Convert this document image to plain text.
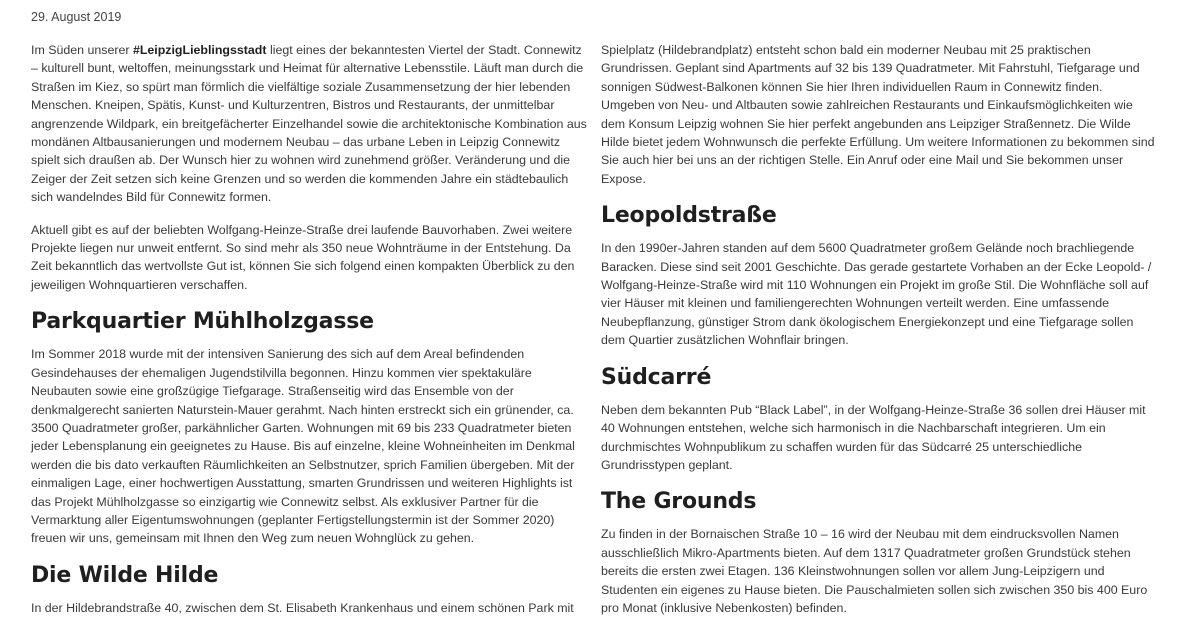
29. August 2019

Im Süden unserer #LeipzigLieblingsstadt liegt eines der bekanntesten Viertel der Stadt. Connewitz – kulturell bunt, weltoffen, meinungsstark und Heimat für alternative Lebensstile. Läuft man durch die Straßen im Kiez, so spürt man förmlich die vielfältige soziale Zusammensetzung der hier lebenden Menschen. Kneipen, Spätis, Kunst- und Kulturzentren, Bistros und Restaurants, der unmittelbar angrenzende Wildpark, ein breitgefächerter Einzelhandel sowie die architektonische Kombination aus mondänen Altbausanierungen und modernem Neubau – das urbane Leben in Leipzig Connewitz spielt sich draußen ab. Der Wunsch hier zu wohnen wird zunehmend größer. Veränderung und die Zeiger der Zeit setzen sich keine Grenzen und so werden die kommenden Jahre ein städtebaulich sich wandelndes Bild für Connewitz formen.

Aktuell gibt es auf der beliebten Wolfgang-Heinze-Straße drei laufende Bauvorhaben. Zwei weitere Projekte liegen nur unweit entfernt. So sind mehr als 350 neue Wohnträume in der Entstehung. Da Zeit bekanntlich das wertvollste Gut ist, können Sie sich folgend einen kompakten Überblick zu den jeweiligen Wohnquartieren verschaffen.

Parkquartier Mühlholzgasse

Im Sommer 2018 wurde mit der intensiven Sanierung des sich auf dem Areal befindenden Gesindehauses der ehemaligen Jugendstilvilla begonnen. Hinzu kommen vier spektakuläre Neubauten sowie eine großzügige Tiefgarage. Straßenseitig wird das Ensemble von der denkmalgerecht sanierten Naturstein-Mauer gerahmt. Nach hinten erstreckt sich ein grünender, ca. 3500 Quadratmeter großer, parkähnlicher Garten. Wohnungen mit 69 bis 233 Quadratmeter bieten jeder Lebensplanung ein geeignetes zu Hause. Bis auf einzelne, kleine Wohneinheiten im Denkmal werden die bis dato verkauften Räumlichkeiten an Selbstnutzer, sprich Familien übergeben. Mit der einmaligen Lage, einer hochwertigen Ausstattung, smarten Grundrissen und weiteren Highlights ist das Projekt Mühlholzgasse so einzigartig wie Connewitz selbst. Als exklusiver Partner für die Vermarktung aller Eigentumswohnungen (geplanter Fertigstellungstermin ist der Sommer 2020) freuen wir uns, gemeinsam mit Ihnen den Weg zum neuen Wohnglück zu gehen.

Die Wilde Hilde

In der Hildebrandstraße 40, zwischen dem St. Elisabeth Krankenhaus und einem schönen Park mit

Spielplatz (Hildebrandplatz) entsteht schon bald ein moderner Neubau mit 25 praktischen Grundrissen. Geplant sind Apartments auf 32 bis 139 Quadratmeter. Mit Fahrstuhl, Tiefgarage und sonnigen Südwest-Balkonen können Sie hier Ihren individuellen Raum in Connewitz finden. Umgeben von Neu- und Altbauten sowie zahlreichen Restaurants und Einkaufsmöglichkeiten wie dem Konsum Leipzig wohnen Sie hier perfekt angebunden ans Leipziger Straßennetz. Die Wilde Hilde bietet jedem Wohnwunsch die perfekte Erfüllung. Um weitere Informationen zu bekommen sind Sie auch hier bei uns an der richtigen Stelle. Ein Anruf oder eine Mail und Sie bekommen unser Expose.

Leopoldstraße

In den 1990er-Jahren standen auf dem 5600 Quadratmeter großem Gelände noch brachliegende Baracken. Diese sind seit 2001 Geschichte. Das gerade gestartete Vorhaben an der Ecke Leopold- / Wolfgang-Heinze-Straße wird mit 110 Wohnungen ein Projekt im große Stil. Die Wohnfläche soll auf vier Häuser mit kleinen und familiengerechten Wohnungen verteilt werden. Eine umfassende Neubepflanzung, günstiger Strom dank ökologischem Energiekonzept und eine Tiefgarage sollen dem Quartier zusätzlichen Wohnflair bringen.

Südcarré

Neben dem bekannten Pub “Black Label”, in der Wolfgang-Heinze-Straße 36 sollen drei Häuser mit 40 Wohnungen entstehen, welche sich harmonisch in die Nachbarschaft integrieren. Um ein durchmischtes Wohnpublikum zu schaffen wurden für das Südcarré 25 unterschiedliche Grundrisstypen geplant.

The Grounds

Zu finden in der Bornaischen Straße 10 – 16 wird der Neubau mit dem eindrucksvollen Namen ausschließlich Mikro-Apartments bieten. Auf dem 1317 Quadratmeter großen Grundstück stehen bereits die ersten zwei Etagen. 136 Kleinstwohnungen sollen vor allem Jung-Leipzigern und Studenten ein eigenes zu Hause bieten. Die Pauschalmieten sollen sich zwischen 350 bis 400 Euro pro Monat (inklusive Nebenkosten) befinden.
